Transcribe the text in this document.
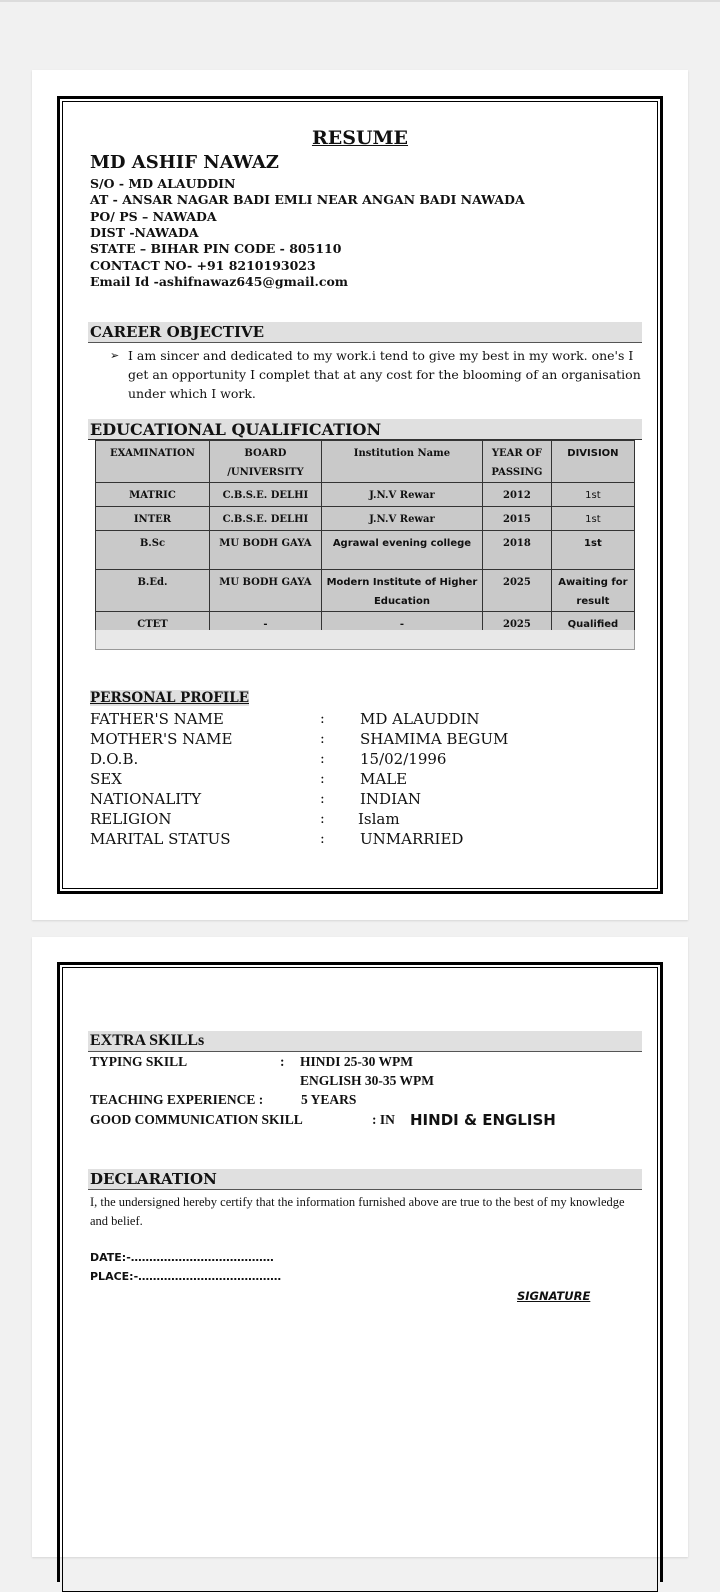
RESUME
MD ASHIF NAWAZ
S/O - MD ALAUDDIN
AT - ANSAR NAGAR BADI EMLI NEAR ANGAN BADI NAWADA
PO/ PS – NAWADA
DIST -NAWADA
STATE – BIHAR PIN CODE - 805110
CONTACT NO- +91 8210193023
Email Id -ashifnawaz645@gmail.com
CAREER OBJECTIVE
➢ I am sincer and dedicated to my work.i tend to give my best in my work. one's I get an opportunity I complet that at any cost for the blooming of an organisation under which I work.
EDUCATIONAL QUALIFICATION
EXAMINATION	BOARD /UNIVERSITY	Institution Name	YEAR OF PASSING	DIVISION
MATRIC	C.B.S.E. DELHI	J.N.V Rewar	2012	1st
INTER	C.B.S.E. DELHI	J.N.V Rewar	2015	1st
B.Sc	MU BODH GAYA	Agrawal evening college	2018	1st
B.Ed.	MU BODH GAYA	Modern Institute of Higher Education	2025	Awaiting for result
CTET	-	-	2025	Qualified
PERSONAL PROFILE
FATHER'S NAME	: MD ALAUDDIN
MOTHER'S NAME	: SHAMIMA BEGUM
D.O.B.	: 15/02/1996
SEX	: MALE
NATIONALITY	: INDIAN
RELIGION	: Islam
MARITAL STATUS	: UNMARRIED
EXTRA SKILLs
TYPING SKILL	: HINDI 25-30 WPM
ENGLISH 30-35 WPM
TEACHING EXPERIENCE :	5 YEARS
GOOD COMMUNICATION SKILL	: IN HINDI & ENGLISH
DECLARATION
I, the undersigned hereby certify that the information furnished above are true to the best of my knowledge and belief.
DATE:-…………………………………
PLACE:-…………………………………
SIGNATURE
